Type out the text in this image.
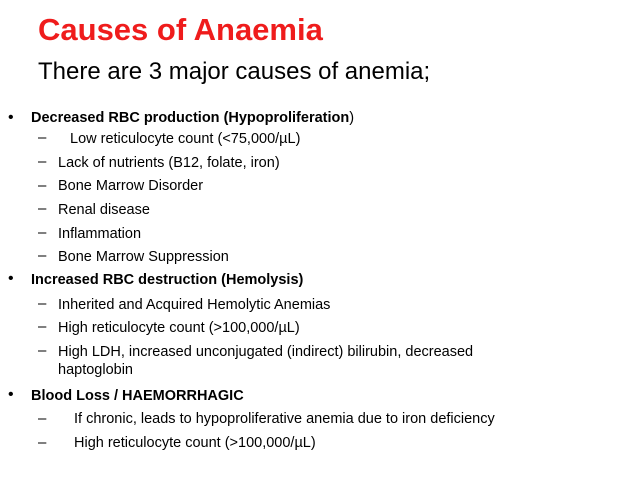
Causes of Anaemia
There are 3 major causes of anemia;
• Decreased RBC production (Hypoproliferation)
– Low reticulocyte count (<75,000/µL)
– Lack of nutrients (B12, folate, iron)
– Bone Marrow Disorder
– Renal disease
– Inflammation
– Bone Marrow Suppression
• Increased RBC destruction (Hemolysis)
– Inherited and Acquired Hemolytic Anemias
– High reticulocyte count (>100,000/µL)
– High LDH, increased unconjugated (indirect) bilirubin, decreased
haptoglobin
• Blood Loss / HAEMORRHAGIC
– If chronic, leads to hypoproliferative anemia due to iron deficiency
– High reticulocyte count (>100,000/µL)
